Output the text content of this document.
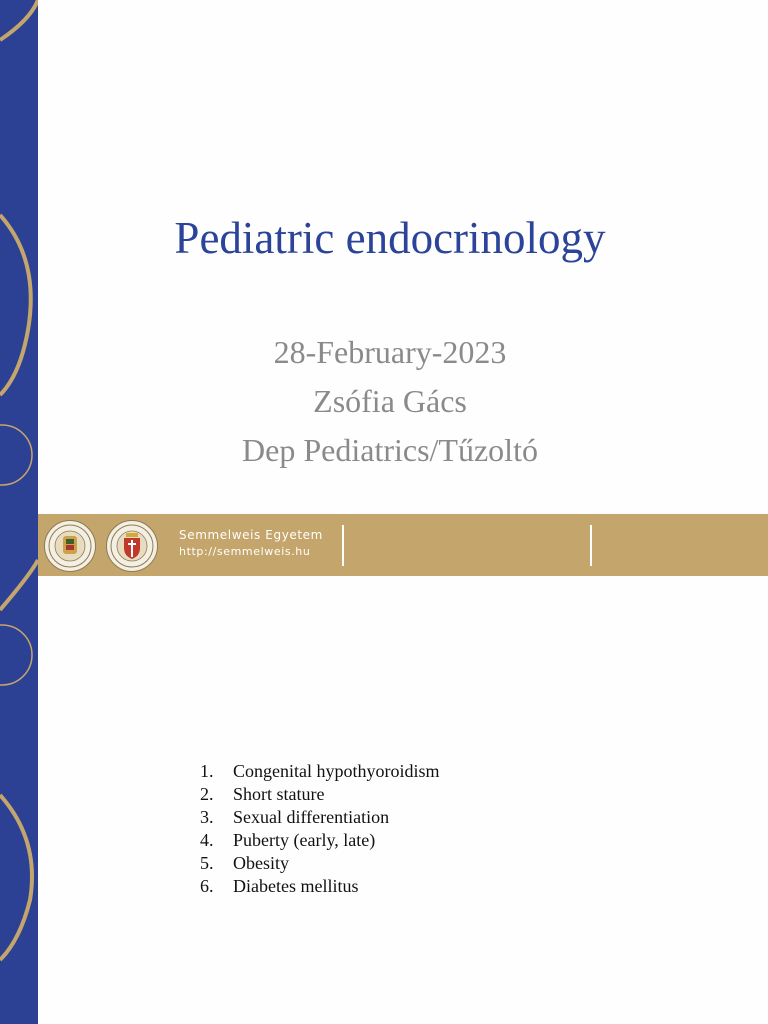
Pediatric endocrinology
28-February-2023
Zsófia Gács
Dep Pediatrics/Tűzoltó
Semmelweis Egyetem
http://semmelweis.hu
1. Congenital hypothyoroidism
2. Short stature
3. Sexual differentiation
4. Puberty (early, late)
5. Obesity
6. Diabetes mellitus
